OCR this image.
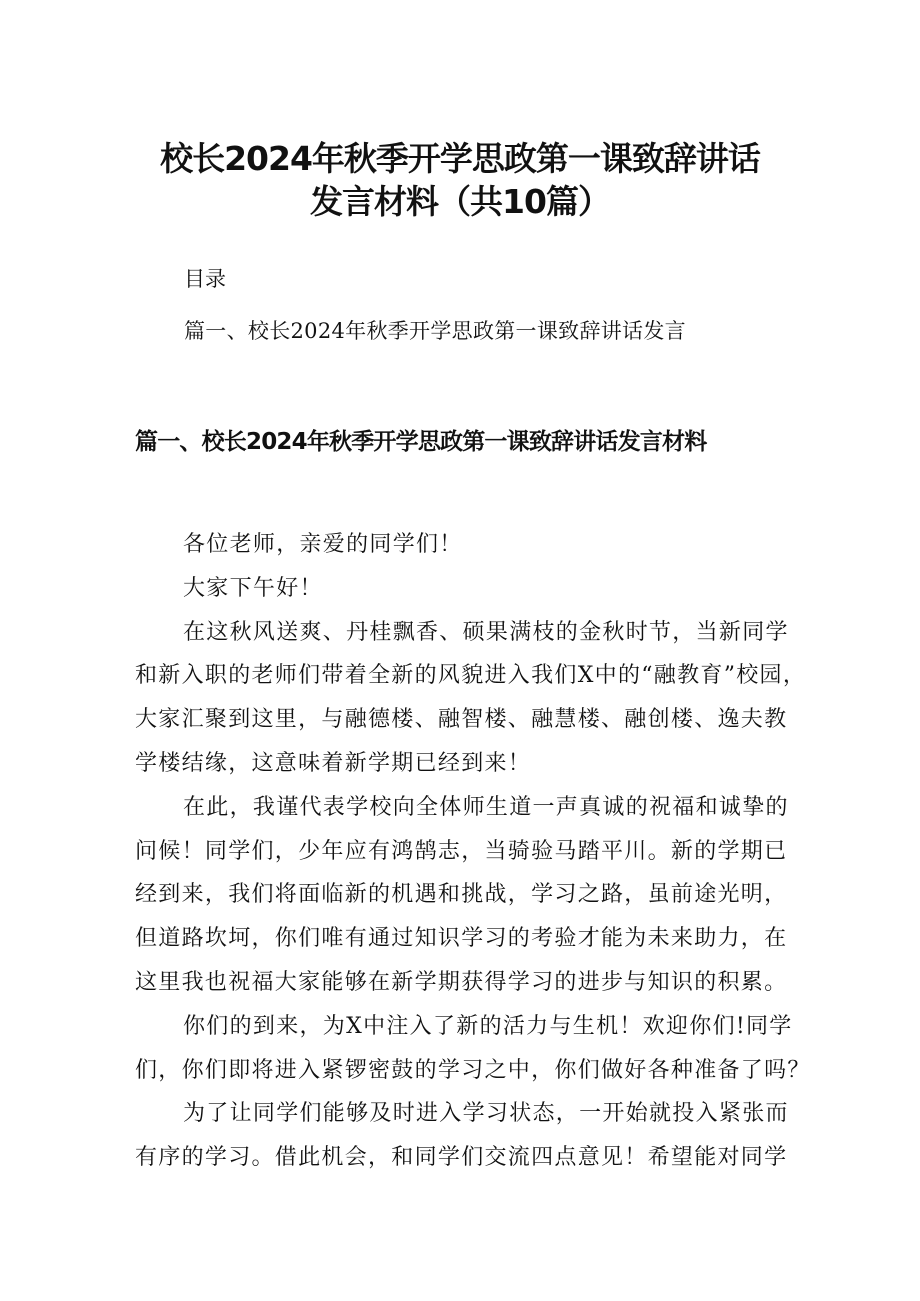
校长2024年秋季开学思政第一课致辞讲话
发言材料（共10篇）

目录

篇一、校长2024年秋季开学思政第一课致辞讲话发言
篇一、校长2024年秋季开学思政第一课致辞讲话发言材料

各位老师，亲爱的同学们！

大家下午好！

在这秋风送爽、丹桂飘香、硕果满枝的金秋时节，当新同学
和新入职的老师们带着全新的风貌进入我们X中的“融教育”校园，
大家汇聚到这里，与融德楼、融智楼、融慧楼、融创楼、逸夫教
学楼结缘，这意味着新学期已经到来！

在此，我谨代表学校向全体师生道一声真诚的祝福和诚挚的
问候！同学们，少年应有鸿鹄志，当骑验马踏平川。新的学期已
经到来，我们将面临新的机遇和挑战，学习之路，虽前途光明，
但道路坎坷，你们唯有通过知识学习的考验才能为未来助力，在
这里我也祝福大家能够在新学期获得学习的进步与知识的积累。

你们的到来，为X中注入了新的活力与生机！欢迎你们!同学
们，你们即将进入紧锣密鼓的学习之中，你们做好各种准备了吗？

为了让同学们能够及时进入学习状态，一开始就投入紧张而
有序的学习。借此机会，和同学们交流四点意见！希望能对同学
